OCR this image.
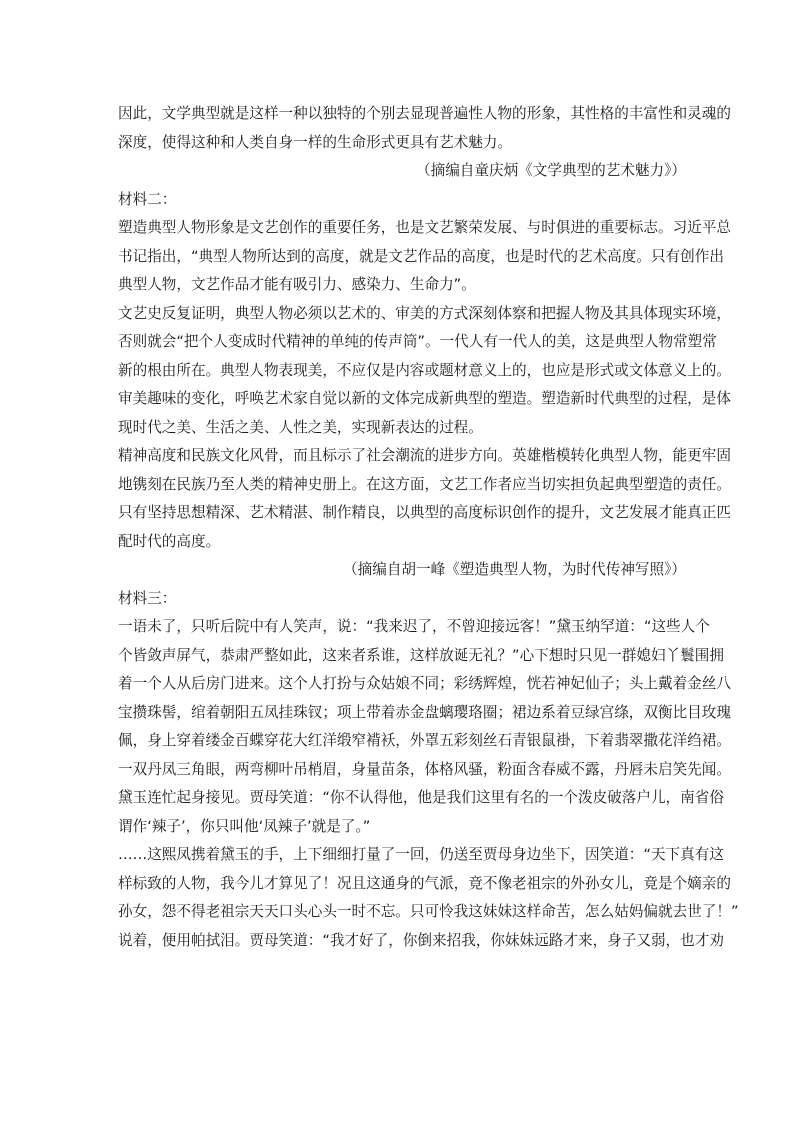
因此，文学典型就是这样一种以独特的个别去显现普遍性人物的形象，其性格的丰富性和灵魂的
深度，使得这种和人类自身一样的生命形式更具有艺术魅力。
（摘编自童庆炳《文学典型的艺术魅力》）
材料二：
塑造典型人物形象是文艺创作的重要任务，也是文艺繁荣发展、与时俱进的重要标志。习近平总
书记指出，“典型人物所达到的高度，就是文艺作品的高度，也是时代的艺术高度。只有创作出
典型人物，文艺作品才能有吸引力、感染力、生命力”。
文艺史反复证明，典型人物必须以艺术的、审美的方式深刻体察和把握人物及其具体现实环境，
否则就会“把个人变成时代精神的单纯的传声筒”。一代人有一代人的美，这是典型人物常塑常
新的根由所在。典型人物表现美，不应仅是内容或题材意义上的，也应是形式或文体意义上的。
审美趣味的变化，呼唤艺术家自觉以新的文体完成新典型的塑造。塑造新时代典型的过程，是体
现时代之美、生活之美、人性之美，实现新表达的过程。
精神高度和民族文化风骨，而且标示了社会潮流的进步方向。英雄楷模转化典型人物，能更牢固
地镌刻在民族乃至人类的精神史册上。在这方面，文艺工作者应当切实担负起典型塑造的责任。
只有坚持思想精深、艺术精湛、制作精良，以典型的高度标识创作的提升，文艺发展才能真正匹
配时代的高度。
（摘编自胡一峰《塑造典型人物，为时代传神写照》）
材料三：
一语未了，只听后院中有人笑声，说：“我来迟了，不曾迎接远客！”黛玉纳罕道：“这些人个
个皆敛声屏气，恭肃严整如此，这来者系谁，这样放诞无礼？”心下想时只见一群媳妇丫鬟围拥
着一个人从后房门进来。这个人打扮与众姑娘不同；彩绣辉煌，恍若神妃仙子；头上戴着金丝八
宝攒珠髻，绾着朝阳五凤挂珠钗；项上带着赤金盘螭璎珞圈；裙边系着豆绿宫绦，双衡比目玫瑰
佩，身上穿着缕金百蝶穿花大红洋缎窄褙袄，外罩五彩刻丝石青银鼠褂，下着翡翠撒花洋绉裙。
一双丹凤三角眼，两弯柳叶吊梢眉，身量苗条，体格风骚，粉面含春威不露，丹唇未启笑先闻。
黛玉连忙起身接见。贾母笑道：“你不认得他，他是我们这里有名的一个泼皮破落户儿，南省俗
谓作‘辣子’，你只叫他‘凤辣子’就是了。”
……这熙凤携着黛玉的手，上下细细打量了一回，仍送至贾母身边坐下，因笑道：“天下真有这
样标致的人物，我今儿才算见了！况且这通身的气派，竟不像老祖宗的外孙女儿，竟是个嫡亲的
孙女，怨不得老祖宗天天口头心头一时不忘。只可怜我这妹妹这样命苦，怎么姑妈偏就去世了！”
说着，便用帕拭泪。贾母笑道：“我才好了，你倒来招我，你妹妹远路才来，身子又弱，也才劝
